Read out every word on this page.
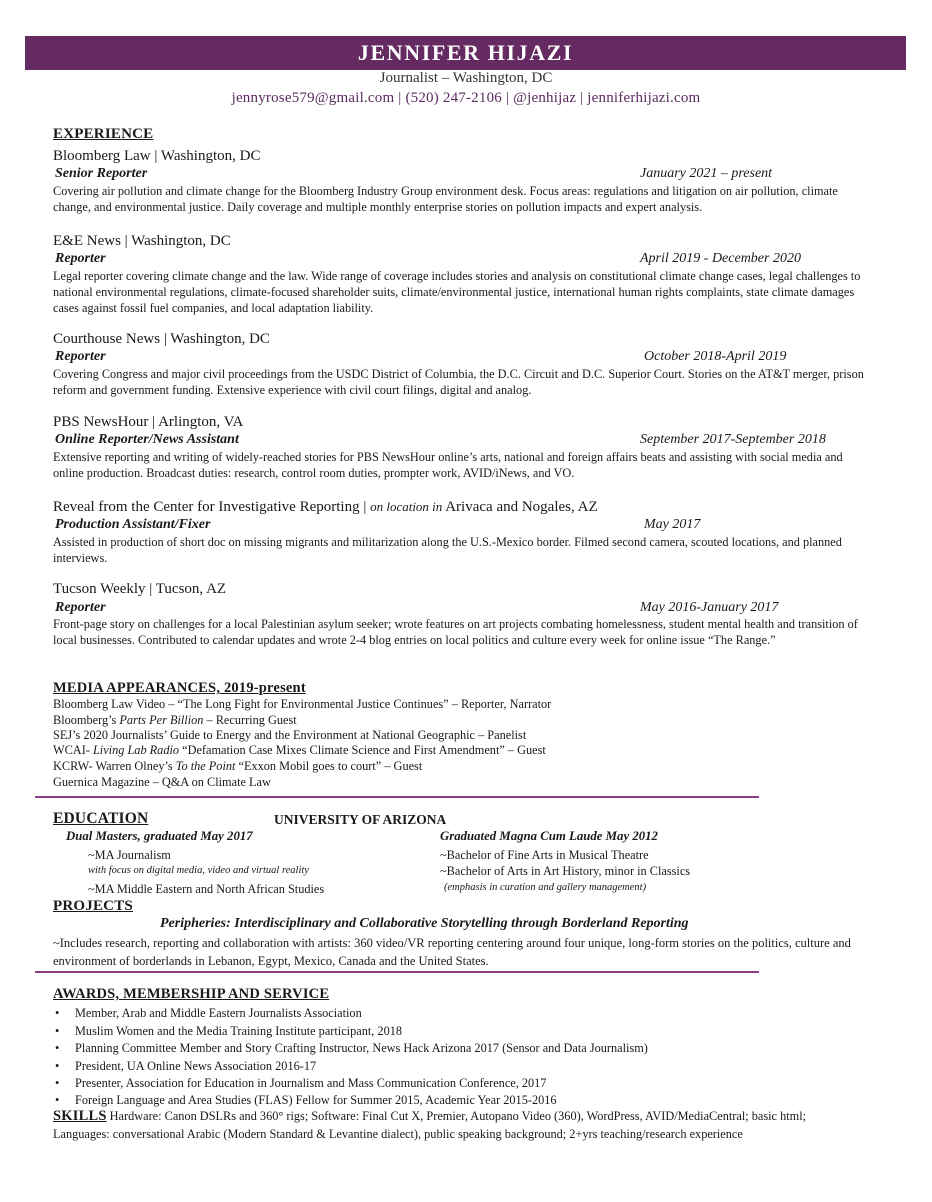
JENNIFER HIJAZI
Journalist – Washington, DC
jennyrose579@gmail.com | (520) 247-2106 | @jenhijaz | jenniferhijazi.com
EXPERIENCE
Bloomberg Law | Washington, DC
Senior Reporter	January 2021 – present
Covering air pollution and climate change for the Bloomberg Industry Group environment desk. Focus areas: regulations and litigation on air pollution, climate change, and environmental justice. Daily coverage and multiple monthly enterprise stories on pollution impacts and expert analysis.
E&E News | Washington, DC
Reporter	April 2019 - December 2020
Legal reporter covering climate change and the law. Wide range of coverage includes stories and analysis on constitutional climate change cases, legal challenges to national environmental regulations, climate-focused shareholder suits, climate/environmental justice, international human rights complaints, state climate damages cases against fossil fuel companies, and local adaptation liability.
Courthouse News | Washington, DC
Reporter	October 2018-April 2019
Covering Congress and major civil proceedings from the USDC District of Columbia, the D.C. Circuit and D.C. Superior Court. Stories on the AT&T merger, prison reform and government funding. Extensive experience with civil court filings, digital and analog.
PBS NewsHour | Arlington, VA
Online Reporter/News Assistant	September 2017-September 2018
Extensive reporting and writing of widely-reached stories for PBS NewsHour online’s arts, national and foreign affairs beats and assisting with social media and online production. Broadcast duties: research, control room duties, prompter work, AVID/iNews, and VO.
Reveal from the Center for Investigative Reporting | on location in Arivaca and Nogales, AZ
Production Assistant/Fixer	May 2017
Assisted in production of short doc on missing migrants and militarization along the U.S.-Mexico border. Filmed second camera, scouted locations, and planned interviews.
Tucson Weekly | Tucson, AZ
Reporter	May 2016-January 2017
Front-page story on challenges for a local Palestinian asylum seeker; wrote features on art projects combating homelessness, student mental health and transition of local businesses. Contributed to calendar updates and wrote 2-4 blog entries on local politics and culture every week for online issue “The Range.”
MEDIA APPEARANCES, 2019-present
Bloomberg Law Video – “The Long Fight for Environmental Justice Continues” – Reporter, Narrator
Bloomberg’s Parts Per Billion – Recurring Guest
SEJ’s 2020 Journalists’ Guide to Energy and the Environment at National Geographic – Panelist
WCAI- Living Lab Radio “Defamation Case Mixes Climate Science and First Amendment” – Guest
KCRW- Warren Olney’s To the Point “Exxon Mobil goes to court” – Guest
Guernica Magazine – Q&A on Climate Law
EDUCATION	UNIVERSITY OF ARIZONA
Dual Masters, graduated May 2017
~MA Journalism
with focus on digital media, video and virtual reality
~MA Middle Eastern and North African Studies
Graduated Magna Cum Laude May 2012
~Bachelor of Fine Arts in Musical Theatre
~Bachelor of Arts in Art History, minor in Classics
(emphasis in curation and gallery management)
PROJECTS
Peripheries: Interdisciplinary and Collaborative Storytelling through Borderland Reporting
~Includes research, reporting and collaboration with artists: 360 video/VR reporting centering around four unique, long-form stories on the politics, culture and environment of borderlands in Lebanon, Egypt, Mexico, Canada and the United States.
AWARDS, MEMBERSHIP AND SERVICE
• Member, Arab and Middle Eastern Journalists Association
• Muslim Women and the Media Training Institute participant, 2018
• Planning Committee Member and Story Crafting Instructor, News Hack Arizona 2017 (Sensor and Data Journalism)
• President, UA Online News Association 2016-17
• Presenter, Association for Education in Journalism and Mass Communication Conference, 2017
• Foreign Language and Area Studies (FLAS) Fellow for Summer 2015, Academic Year 2015-2016
SKILLS Hardware: Canon DSLRs and 360° rigs; Software: Final Cut X, Premier, Autopano Video (360), WordPress, AVID/MediaCentral; basic html;
Languages: conversational Arabic (Modern Standard & Levantine dialect), public speaking background; 2+yrs teaching/research experience
